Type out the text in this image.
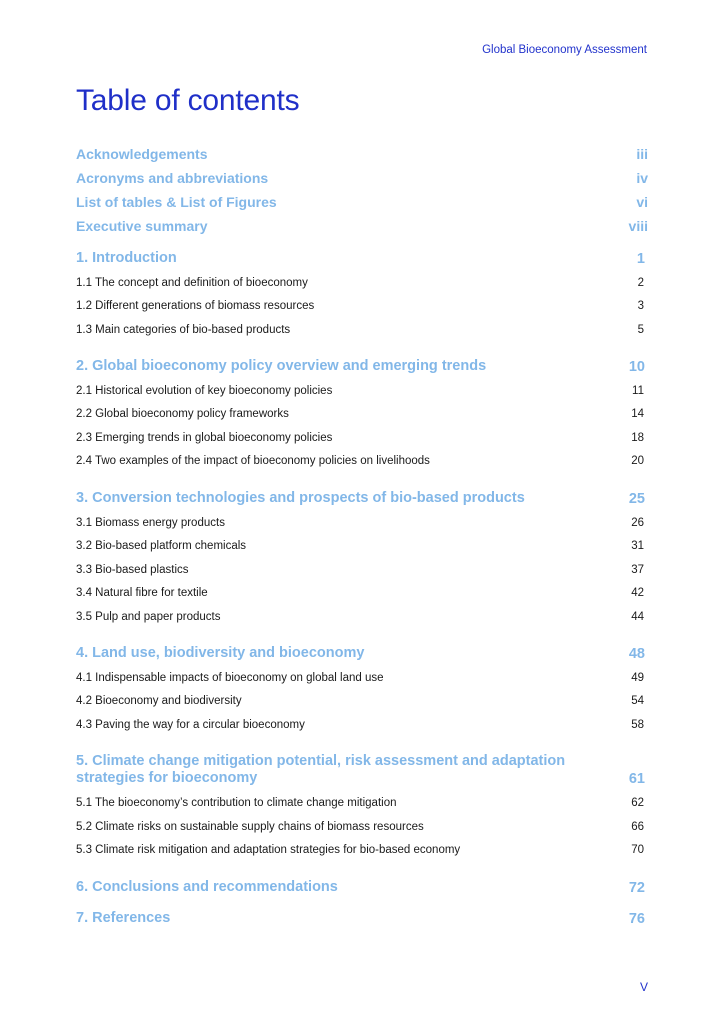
Global Bioeconomy Assessment
Table of contents
Acknowledgements	iii
Acronyms and abbreviations	iv
List of tables & List of Figures	vi
Executive summary	viii
1. Introduction	1
1.1 The concept and definition of bioeconomy	2
1.2 Different generations of biomass resources	3
1.3 Main categories of bio-based products	5
2. Global bioeconomy policy overview and emerging trends	10
2.1 Historical evolution of key bioeconomy policies	11
2.2 Global bioeconomy policy frameworks	14
2.3 Emerging trends in global bioeconomy policies	18
2.4 Two examples of the impact of bioeconomy policies on livelihoods	20
3. Conversion technologies and prospects of bio-based products	25
3.1 Biomass energy products	26
3.2 Bio-based platform chemicals	31
3.3 Bio-based plastics	37
3.4 Natural fibre for textile	42
3.5 Pulp and paper products	44
4. Land use, biodiversity and bioeconomy	48
4.1 Indispensable impacts of bioeconomy on global land use	49
4.2 Bioeconomy and biodiversity	54
4.3 Paving the way for a circular bioeconomy	58
5. Climate change mitigation potential, risk assessment and adaptation
strategies for bioeconomy	61
5.1 The bioeconomy’s contribution to climate change mitigation	62
5.2 Climate risks on sustainable supply chains of biomass resources	66
5.3 Climate risk mitigation and adaptation strategies for bio-based economy	70
6. Conclusions and recommendations	72
7. References	76
V
